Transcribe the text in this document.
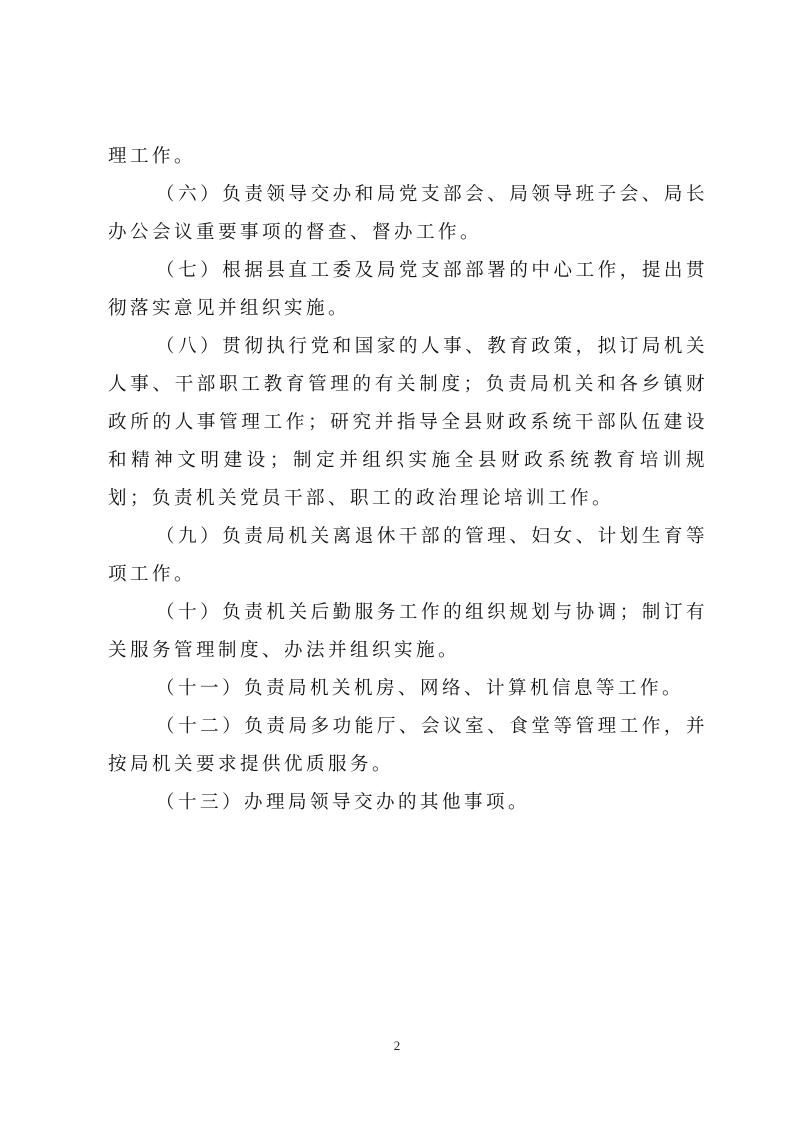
理工作。

（六）负责领导交办和局党支部会、局领导班子会、局长办公会议重要事项的督查、督办工作。

（七）根据县直工委及局党支部部署的中心工作，提出贯彻落实意见并组织实施。

（八）贯彻执行党和国家的人事、教育政策，拟订局机关人事、干部职工教育管理的有关制度；负责局机关和各乡镇财政所的人事管理工作；研究并指导全县财政系统干部队伍建设和精神文明建设；制定并组织实施全县财政系统教育培训规划；负责机关党员干部、职工的政治理论培训工作。

（九）负责局机关离退休干部的管理、妇女、计划生育等项工作。

（十）负责机关后勤服务工作的组织规划与协调；制订有关服务管理制度、办法并组织实施。

（十一）负责局机关机房、网络、计算机信息等工作。

（十二）负责局多功能厅、会议室、食堂等管理工作，并按局机关要求提供优质服务。

（十三）办理局领导交办的其他事项。

2
